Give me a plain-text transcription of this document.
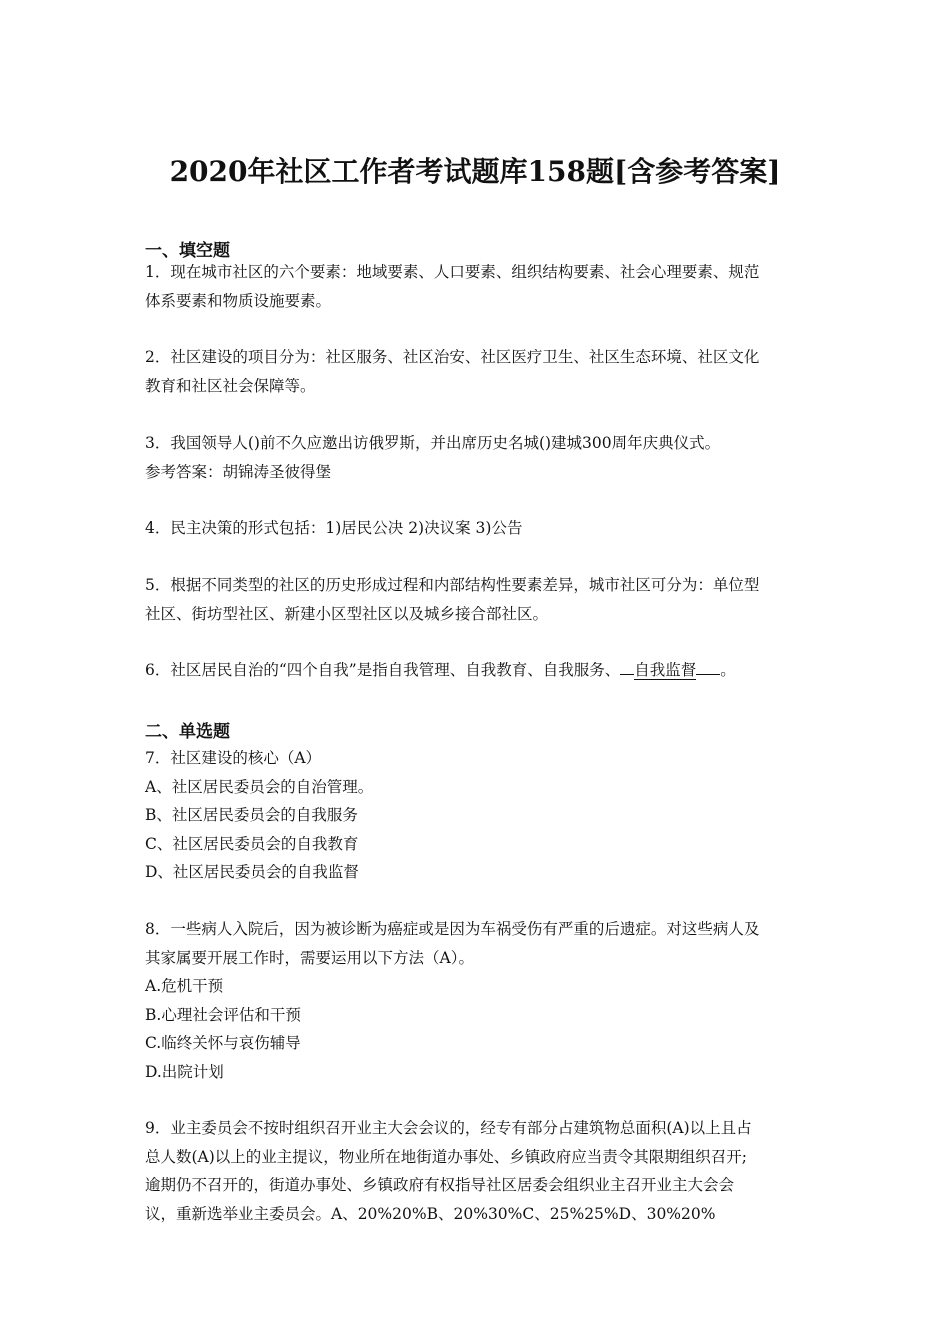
2020年社区工作者考试题库158题[含参考答案]
一、填空题
1．现在城市社区的六个要素：地域要素、人口要素、组织结构要素、社会心理要素、规范
体系要素和物质设施要素。
2．社区建设的项目分为：社区服务、社区治安、社区医疗卫生、社区生态环境、社区文化
教育和社区社会保障等。
3．我国领导人()前不久应邀出访俄罗斯，并出席历史名城()建城300周年庆典仪式。
参考答案：胡锦涛圣彼得堡
4．民主决策的形式包括：1)居民公决 2)决议案 3)公告
5．根据不同类型的社区的历史形成过程和内部结构性要素差异，城市社区可分为：单位型
社区、街坊型社区、新建小区型社区以及城乡接合部社区。
6．社区居民自治的“四个自我”是指自我管理、自我教育、自我服务、 自我监督 。
二、单选题
7．社区建设的核心（A）
A、社区居民委员会的自治管理。
B、社区居民委员会的自我服务
C、社区居民委员会的自我教育
D、社区居民委员会的自我监督
8．一些病人入院后，因为被诊断为癌症或是因为车祸受伤有严重的后遗症。对这些病人及
其家属要开展工作时，需要运用以下方法（A）。
A.危机干预
B.心理社会评估和干预
C.临终关怀与哀伤辅导
D.出院计划
9．业主委员会不按时组织召开业主大会会议的，经专有部分占建筑物总面积(A)以上且占
总人数(A)以上的业主提议，物业所在地街道办事处、乡镇政府应当责令其限期组织召开;
逾期仍不召开的，街道办事处、乡镇政府有权指导社区居委会组织业主召开业主大会会
议，重新选举业主委员会。A、20%20%B、20%30%C、25%25%D、30%20%
